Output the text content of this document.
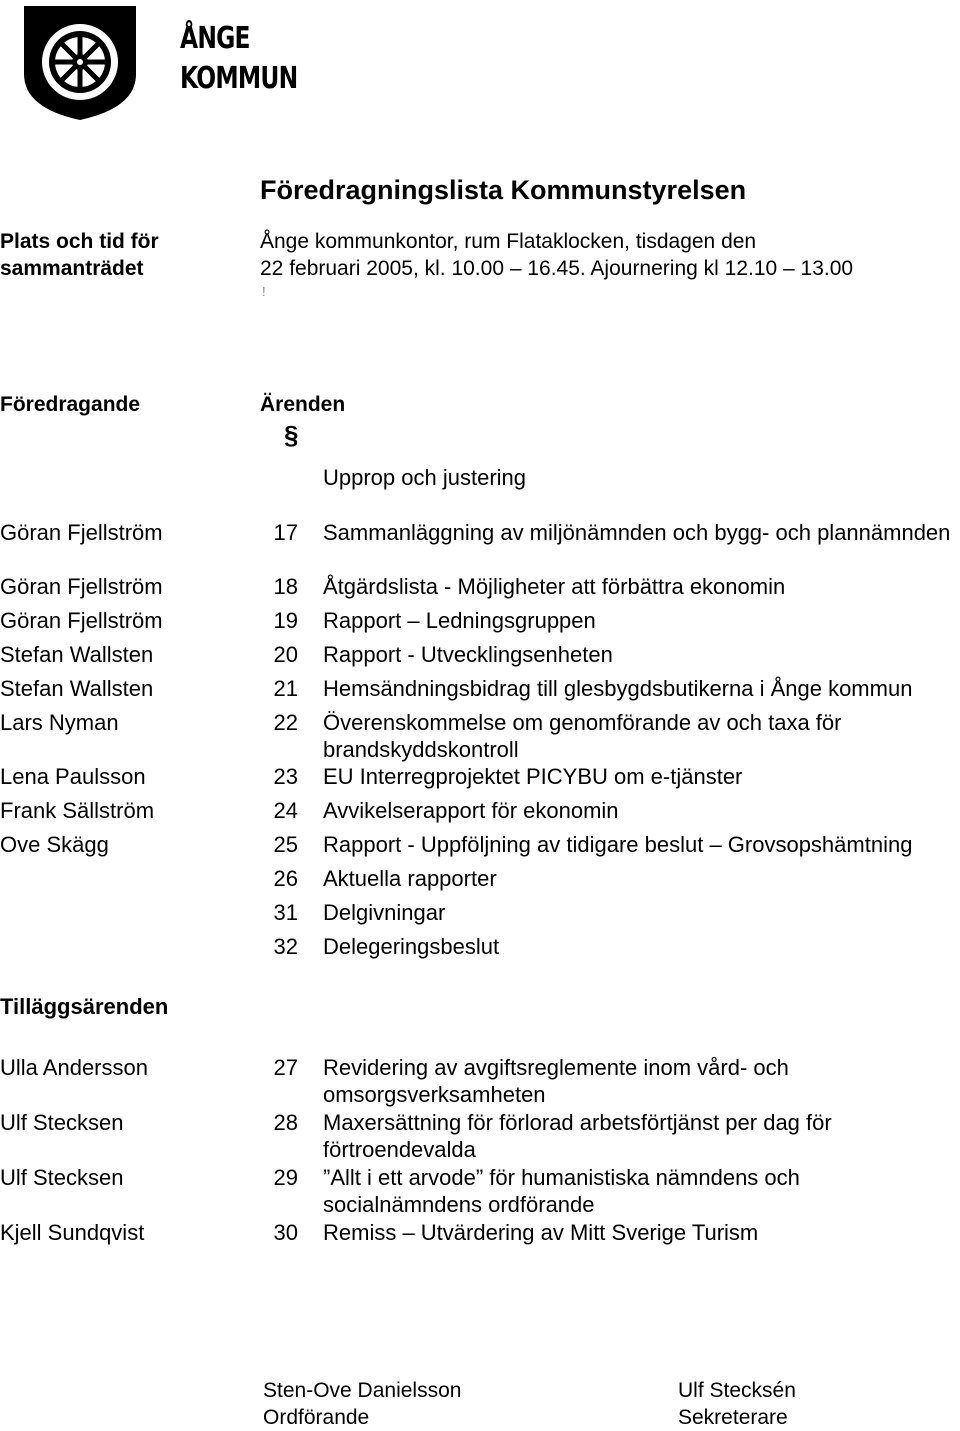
ÅNGE
KOMMUN
Föredragningslista Kommunstyrelsen
Plats och tid för
sammanträdet
Ånge kommunkontor, rum Flataklocken, tisdagen den
22 februari 2005, kl. 10.00 – 16.45. Ajournering kl 12.10 – 13.00
!
Föredragande	Ärenden
§
Upprop och justering
Göran Fjellström	17 Sammanläggning av miljönämnden och bygg- och plannämnden
Göran Fjellström	18 Åtgärdslista - Möjligheter att förbättra ekonomin
Göran Fjellström	19 Rapport – Ledningsgruppen
Stefan Wallsten	20 Rapport - Utvecklingsenheten
Stefan Wallsten	21 Hemsändningsbidrag till glesbygdsbutikerna i Ånge kommun
Lars Nyman	22 Överenskommelse om genomförande av och taxa för brandskyddskontroll
Lena Paulsson	23 EU Interregprojektet PICYBU om e-tjänster
Frank Sällström	24 Avvikelserapport för ekonomin
Ove Skägg	25 Rapport - Uppföljning av tidigare beslut – Grovsopshämtning
26 Aktuella rapporter
31 Delgivningar
32 Delegeringsbeslut
Tilläggsärenden
Ulla Andersson	27 Revidering av avgiftsreglemente inom vård- och omsorgsverksamheten
Ulf Stecksen	28 Maxersättning för förlorad arbetsförtjänst per dag för förtroendevalda
Ulf Stecksen	29 ”Allt i ett arvode” för humanistiska nämndens och socialnämndens ordförande
Kjell Sundqvist	30 Remiss – Utvärdering av Mitt Sverige Turism
Sten-Ove Danielsson
Ordförande
Ulf Stecksén
Sekreterare
